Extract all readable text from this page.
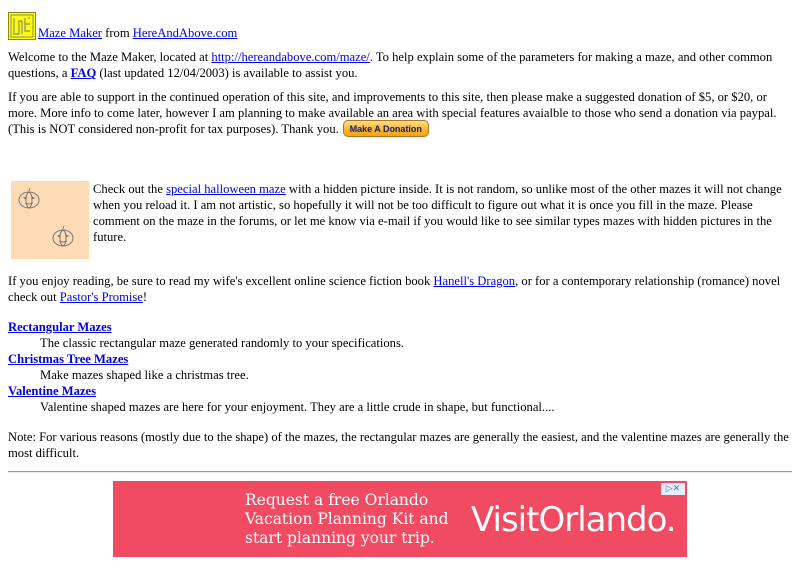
Maze Maker from HereAndAbove.com

Welcome to the Maze Maker, located at http://hereandabove.com/maze/. To help explain some of the parameters for making a maze, and other common questions, a FAQ (last updated 12/04/2003) is available to assist you.

If you are able to support in the continued operation of this site, and improvements to this site, then please make a suggested donation of $5, or $20, or more. More info to come later, however I am planning to make available an area with special features avaialble to those who send a donation via paypal. (This is NOT considered non-profit for tax purposes). Thank you. Make A Donation

Check out the special halloween maze with a hidden picture inside. It is not random, so unlike most of the other mazes it will not change when you reload it. I am not artistic, so hopefully it will not be too difficult to figure out what it is once you fill in the maze. Please comment on the maze in the forums, or let me know via e-mail if you would like to see similar types mazes with hidden pictures in the future.

If you enjoy reading, be sure to read my wife's excellent online science fiction book Hanell's Dragon, or for a contemporary relationship (romance) novel check out Pastor's Promise!

Rectangular Mazes
The classic rectangular maze generated randomly to your specifications.
Christmas Tree Mazes
Make mazes shaped like a christmas tree.
Valentine Mazes
Valentine shaped mazes are here for your enjoyment. They are a little crude in shape, but functional....

Note: For various reasons (mostly due to the shape) of the mazes, the rectangular mazes are generally the easiest, and the valentine mazes are generally the most difficult.

▷✕
Request a free Orlando
Vacation Planning Kit and
start planning your trip.	VisitOrlando.
